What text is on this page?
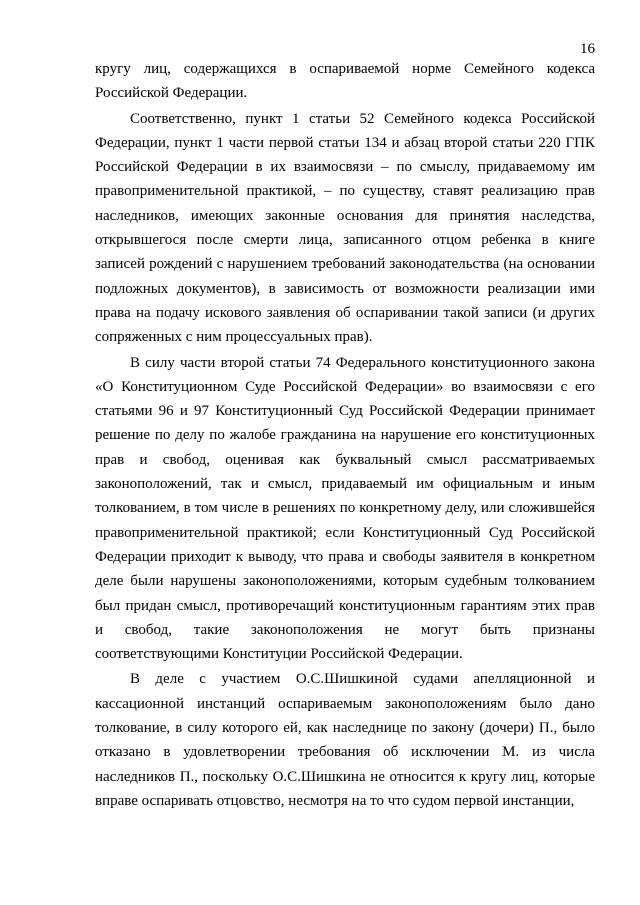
16

кругу лиц, содержащихся в оспариваемой норме Семейного кодекса Российской Федерации.

Соответственно, пункт 1 статьи 52 Семейного кодекса Российской Федерации, пункт 1 части первой статьи 134 и абзац второй статьи 220 ГПК Российской Федерации в их взаимосвязи – по смыслу, придаваемому им правоприменительной практикой, – по существу, ставят реализацию прав наследников, имеющих законные основания для принятия наследства, открывшегося после смерти лица, записанного отцом ребенка в книге записей рождений с нарушением требований законодательства (на основании подложных документов), в зависимость от возможности реализации ими права на подачу искового заявления об оспаривании такой записи (и других сопряженных с ним процессуальных прав).

В силу части второй статьи 74 Федерального конституционного закона «О Конституционном Суде Российской Федерации» во взаимосвязи с его статьями 96 и 97 Конституционный Суд Российской Федерации принимает решение по делу по жалобе гражданина на нарушение его конституционных прав и свобод, оценивая как буквальный смысл рассматриваемых законоположений, так и смысл, придаваемый им официальным и иным толкованием, в том числе в решениях по конкретному делу, или сложившейся правоприменительной практикой; если Конституционный Суд Российской Федерации приходит к выводу, что права и свободы заявителя в конкретном деле были нарушены законоположениями, которым судебным толкованием был придан смысл, противоречащий конституционным гарантиям этих прав и свобод, такие законоположения не могут быть признаны соответствующими Конституции Российской Федерации.

В деле с участием О.С.Шишкиной судами апелляционной и кассационной инстанций оспариваемым законоположениям было дано толкование, в силу которого ей, как наследнице по закону (дочери) П., было отказано в удовлетворении требования об исключении М. из числа наследников П., поскольку О.С.Шишкина не относится к кругу лиц, которые вправе оспаривать отцовство, несмотря на то что судом первой инстанции,
